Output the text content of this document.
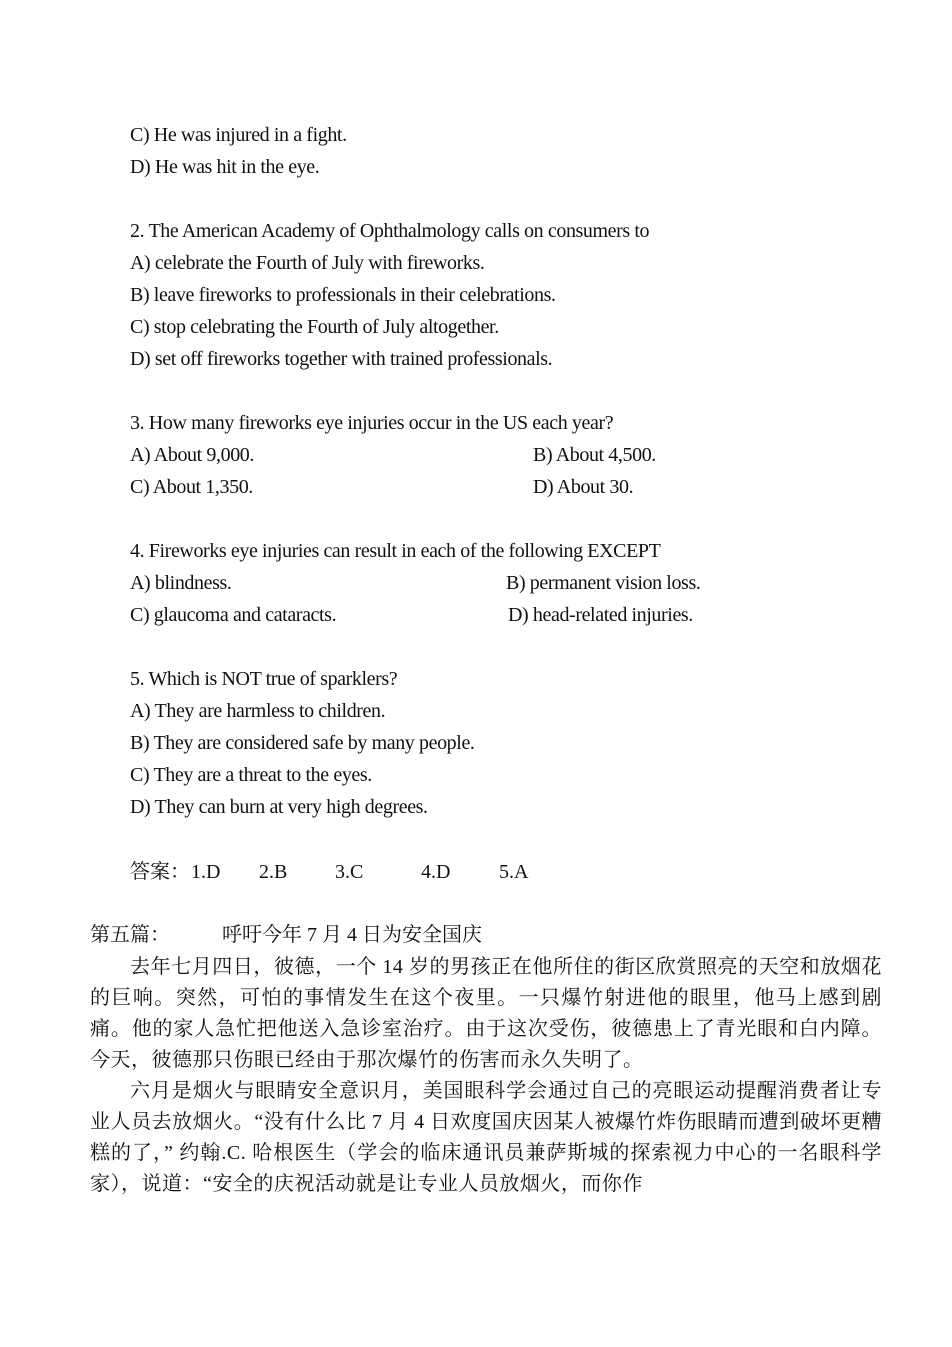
C) He was injured in a fight.
D) He was hit in the eye.
2. The American Academy of Ophthalmology calls on consumers to
A) celebrate the Fourth of July with fireworks.
B) leave fireworks to professionals in their celebrations.
C) stop celebrating the Fourth of July altogether.
D) set off fireworks together with trained professionals.
3. How many fireworks eye injuries occur in the US each year?
A) About 9,000.	B) About 4,500.
C) About 1,350.	D) About 30.
4. Fireworks eye injuries can result in each of the following EXCEPT
A) blindness.	B) permanent vision loss.
C) glaucoma and cataracts.	D) head-related injuries.
5. Which is NOT true of sparklers?
A) They are harmless to children.
B) They are considered safe by many people.
C) They are a threat to the eyes.
D) They can burn at very high degrees.
答案：1.D 2.B 3.C	4.D 5.A
第五篇：	呼吁今年 7 月 4 日为安全国庆

去年七月四日，彼德，一个 14 岁的男孩正在他所住的街区欣赏照亮的天空和放烟花的巨响。突然，可怕的事情发生在这个夜里。一只爆竹射进他的眼里，他马上感到剧痛。他的家人急忙把他送入急诊室治疗。由于这次受伤，彼德患上了青光眼和白内障。今天，彼德那只伤眼已经由于那次爆竹的伤害而永久失明了。

六月是烟火与眼睛安全意识月，美国眼科学会通过自己的亮眼运动提醒消费者让专业人员去放烟火。“没有什么比 7 月 4 日欢度国庆因某人被爆竹炸伤眼睛而遭到破坏更糟糕的了，” 约翰.C. 哈根医生（学会的临床通讯员兼萨斯城的探索视力中心的一名眼科学家），说道：“安全的庆祝活动就是让专业人员放烟火，而你作
